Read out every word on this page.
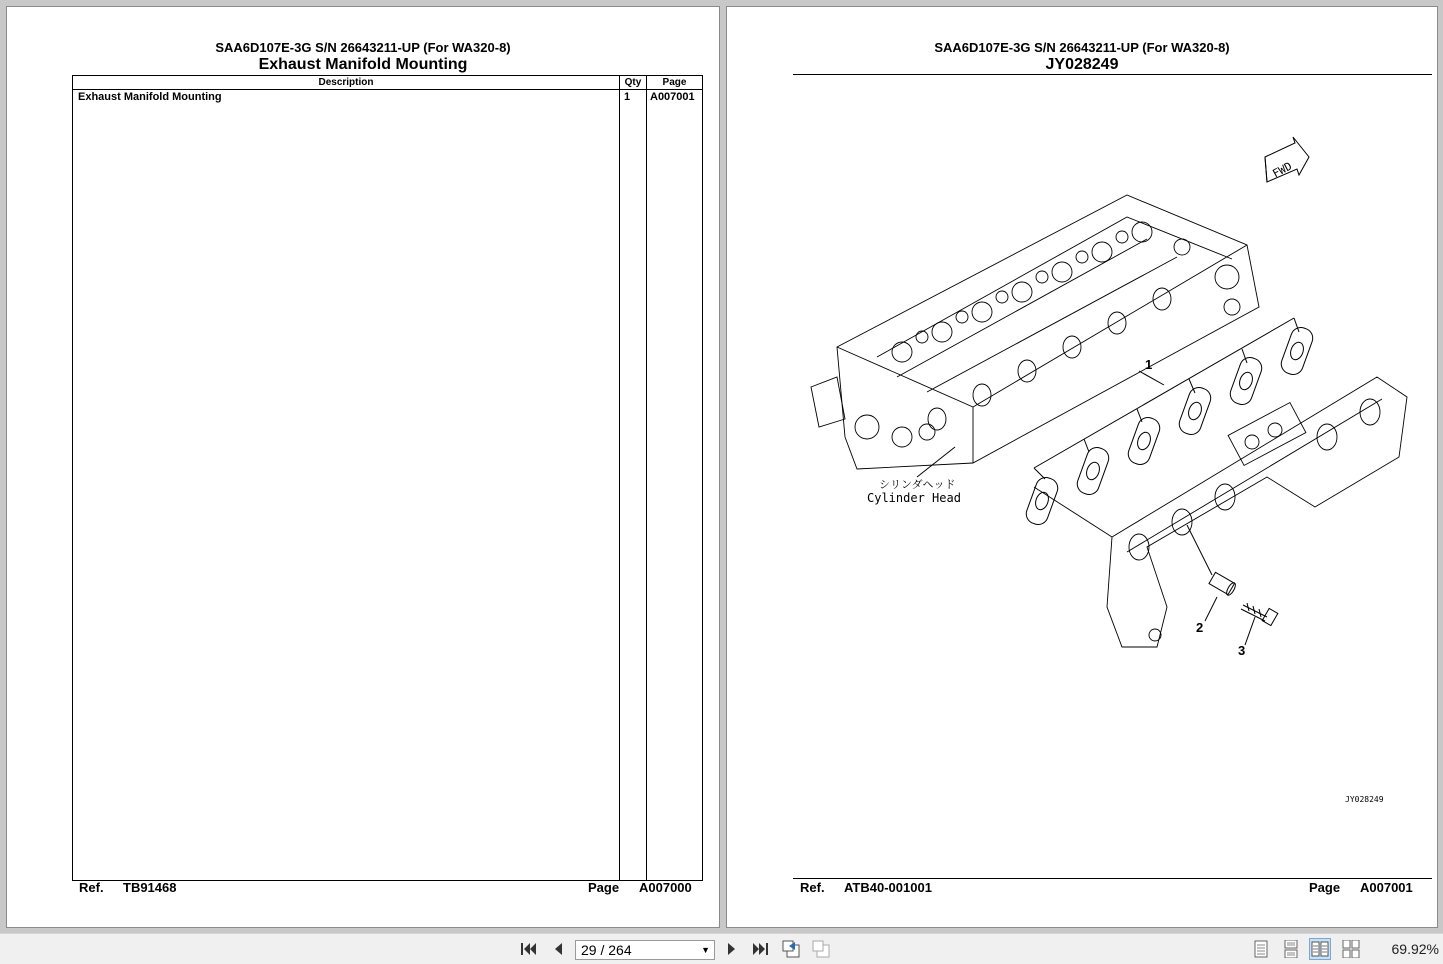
SAA6D107E-3G S/N 26643211-UP (For WA320-8)
Exhaust Manifold Mounting
Description	Qty	Page
Exhaust Manifold Mounting	1 A007001
Ref. TB91468	Page A007000
SAA6D107E-3G S/N 26643211-UP (For WA320-8)
JY028249
FWD
1
2
3
シリンダヘッド
Cylinder Head
JY028249
Ref. ATB40-001001	Page A007001
29 / 264	▼	69.92%
